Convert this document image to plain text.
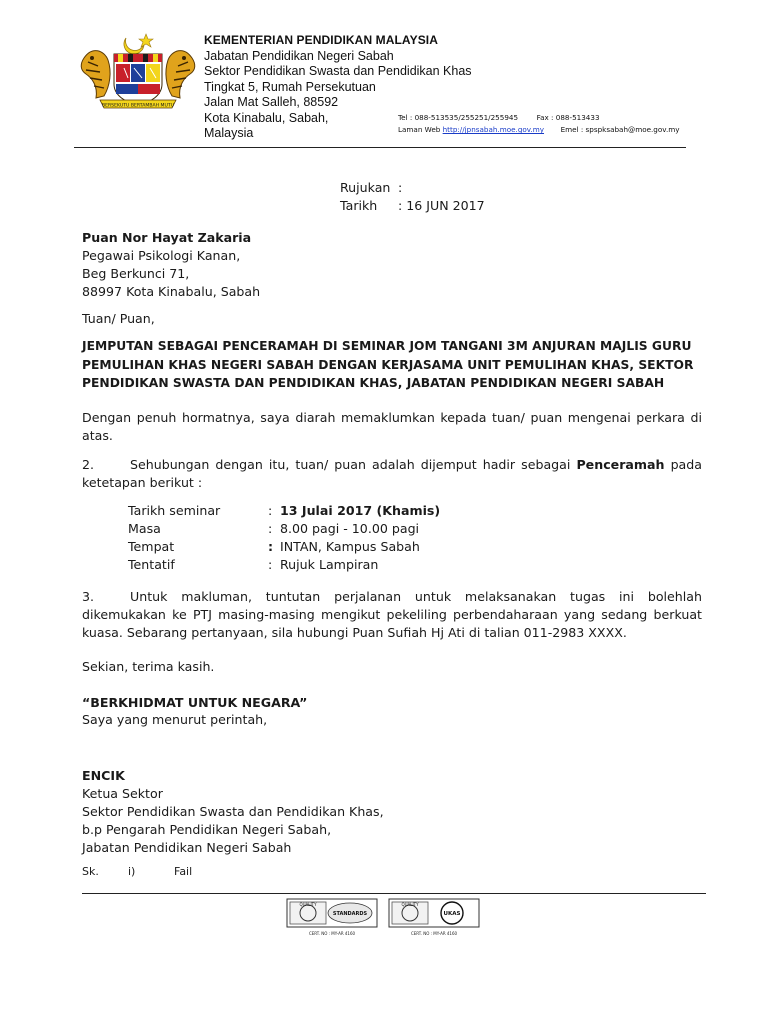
BERSEKUTU BERTAMBAH MUTU
KEMENTERIAN PENDIDIKAN MALAYSIA
Jabatan Pendidikan Negeri Sabah
Sektor Pendidikan Swasta dan Pendidikan Khas
Tingkat 5, Rumah Persekutuan
Jalan Mat Salleh, 88592
Kota Kinabalu, Sabah,
Malaysia
Tel : 088-513535/255251/255945	Fax : 088-513433
Laman Web http://jpnsabah.moe.gov.my Emel : spspksabah@moe.gov.my
Rujukan :
Tarikh : 16 JUN 2017
Puan Nor Hayat Zakaria
Pegawai Psikologi Kanan,
Beg Berkunci 71,
88997 Kota Kinabalu, Sabah
Tuan/ Puan,
JEMPUTAN SEBAGAI PENCERAMAH DI SEMINAR JOM TANGANI 3M ANJURAN MAJLIS GURU
PEMULIHAN KHAS NEGERI SABAH DENGAN KERJASAMA UNIT PEMULIHAN KHAS, SEKTOR
PENDIDIKAN SWASTA DAN PENDIDIKAN KHAS, JABATAN PENDIDIKAN NEGERI SABAH
Dengan penuh hormatnya, saya diarah memaklumkan kepada tuan/ puan mengenai perkara di atas.
2.	Sehubungan dengan itu, tuan/ puan adalah dijemput hadir sebagai Penceramah pada ketetapan berikut :
Tarikh seminar	: 13 Julai 2017 (Khamis)
Masa	: 8.00 pagi - 10.00 pagi
Tempat	: INTAN, Kampus Sabah
Tentatif	: Rujuk Lampiran
3.	Untuk makluman, tuntutan perjalanan untuk melaksanakan tugas ini bolehlah dikemukakan ke PTJ masing-masing mengikut pekeliling perbendaharaan yang sedang berkuat kuasa. Sebarang pertanyaan, sila hubungi Puan Sufiah Hj Ati di talian 011-2983 XXXX.
Sekian, terima kasih.
“BERKHIDMAT UNTUK NEGARA”
Saya yang menurut perintah,
ENCIK
Ketua Sektor
Sektor Pendidikan Swasta dan Pendidikan Khas,
b.p Pengarah Pendidikan Negeri Sabah,
Jabatan Pendidikan Negeri Sabah
Sk.	i)	Fail
QUALITY
STANDARDS
CERT. NO : MY-AR 4160
QUALITY
UKAS
CERT. NO : MY-AR 4160
